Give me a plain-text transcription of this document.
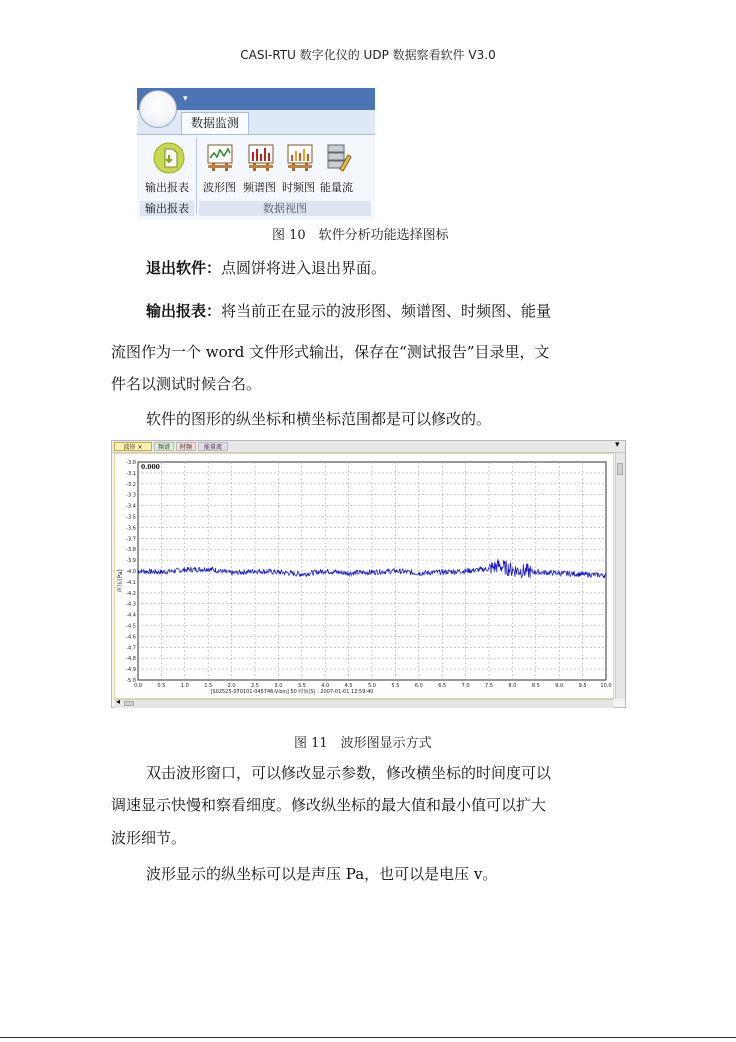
CASI-RTU 数字化仪的 UDP 数据察看软件 V3.0
▾
数据监测
输出报表 波形图 频谱图 时频图 能量流
输出报表	数据视图
图 10　软件分析功能选择图标
退出软件：点圆饼将进入退出界面。
输出报表：将当前正在显示的波形图、频谱图、时频图、能量
流图作为一个 word 文件形式输出，保存在“测试报告”目录里，文
件名以测试时候合名。
软件的图形的纵坐标和横坐标范围都是可以修改的。
波形 ×	频谱	时频	能量流	▾
◂
-3.0
-3.1
-3.2
-3.3
-3.4
-3.5
-3.6
-3.7
-3.8
-3.9
-4.0
-4.1
-4.2
-4.3
-4.4
-4.5
-4.6
-4.7
-4.8
-4.9
-5.0
0.0	0.5	1.0	1.5	2.0	2.5	3.0	3.5	4.0	4.5	5.0	5.5	6.0	6.5	7.0	7.5	8.0	8.5	9.0	9.5	10.0
[S02525-070101-045746-V.bin] 50 时间(S) : 2007-01-01 12:59:40
声压(Pa)
0.000
图 11　波形图显示方式
双击波形窗口，可以修改显示参数，修改横坐标的时间度可以
调速显示快慢和察看细度。修改纵坐标的最大值和最小值可以扩大
波形细节。
波形显示的纵坐标可以是声压 Pa，也可以是电压 v。
